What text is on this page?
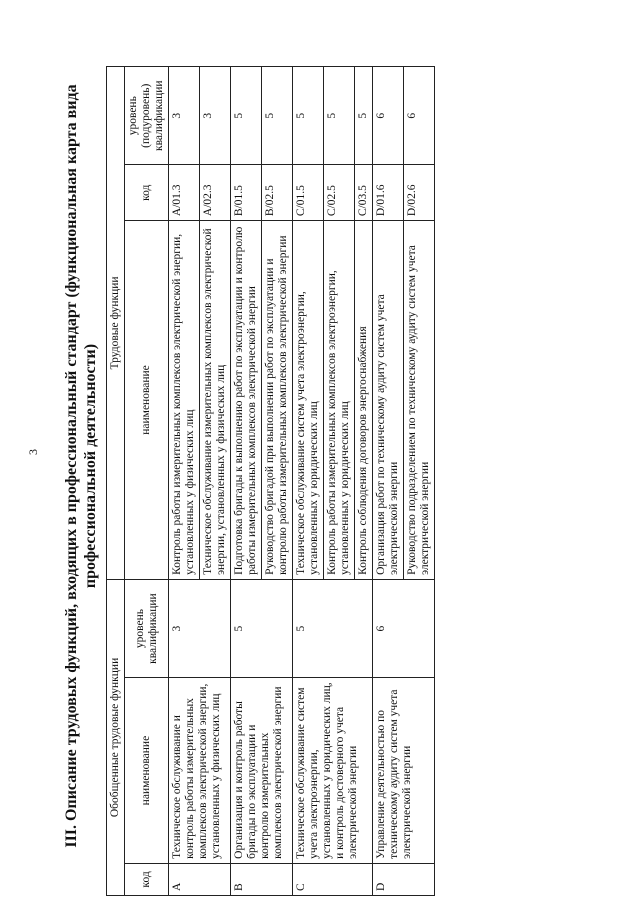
3 III. Описание трудовых функций, входящих в профессиональный стандарт (функциональная карта вида профессиональной деятельности)
Обобщенные трудовые функции			Трудовые функции		
код	наименование	уровень квалификации	наименование	код	уровень (подуровень) квалификации
A	Техническое обслуживание и контроль работы измерительных комплексов электрической энергии, установленных у физических лиц	3	Контроль работы измерительных комплексов электрической энергии, установленных у физических лиц	A/01.3	3
			Техническое обслуживание измерительных комплексов электрической энергии, установленных у физических лиц	A/02.3	3
B	Организация и контроль работы бригады по эксплуатации и контролю измерительных комплексов электрической энергии	5	Подготовка бригады к выполнению работ по эксплуатации и контролю работы измерительных комплексов электрической энергии	B/01.5	5
			Руководство бригадой при выполнении работ по эксплуатации и контролю работы измерительных комплексов электрической энергии	B/02.5	5
C	Техническое обслуживание систем учета электроэнергии, установленных у юридических лиц, и контроль достоверного учета электрической энергии	5	Техническое обслуживание систем учета электроэнергии, установленных у юридических лиц	C/01.5	5
			Контроль работы измерительных комплексов электроэнергии, установленных у юридических лиц	C/02.5	5
			Контроль соблюдения договоров энергоснабжения	C/03.5	5
D	Управление деятельностью по техническому аудиту систем учета электрической энергии	6	Организация работ по техническому аудиту систем учета электрической энергии	D/01.6	6
			Руководство подразделением по техническому аудиту систем учета электрической энергии	D/02.6	6
